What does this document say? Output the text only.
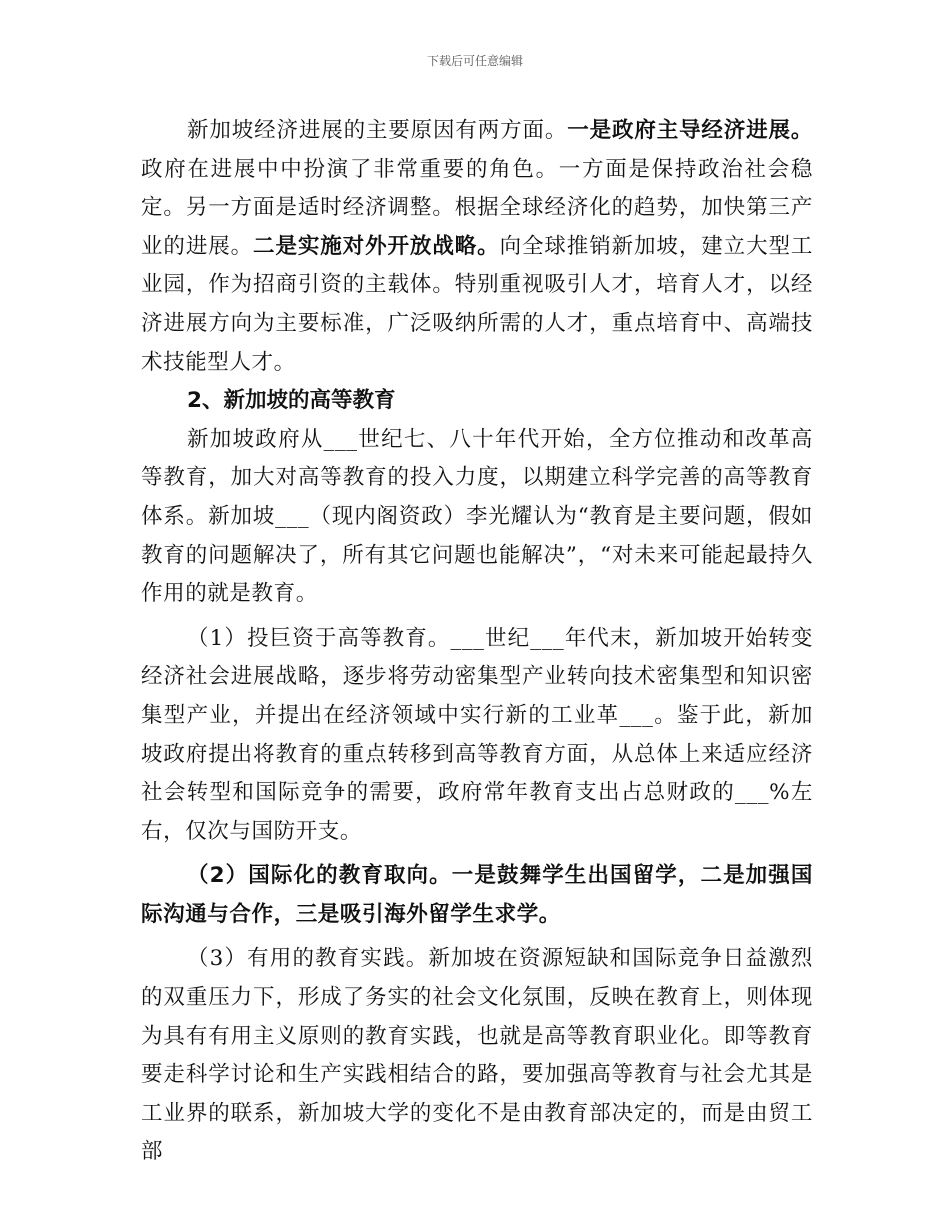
下载后可任意编辑

新加坡经济进展的主要原因有两方面。一是政府主导经济进展。政府在进展中中扮演了非常重要的角色。一方面是保持政治社会稳定。另一方面是适时经济调整。根据全球经济化的趋势，加快第三产业的进展。二是实施对外开放战略。向全球推销新加坡，建立大型工业园，作为招商引资的主载体。特别重视吸引人才，培育人才，以经济进展方向为主要标准，广泛吸纳所需的人才，重点培育中、高端技术技能型人才。

2、新加坡的高等教育

新加坡政府从___世纪七、八十年代开始，全方位推动和改革高等教育，加大对高等教育的投入力度，以期建立科学完善的高等教育体系。新加坡___（现内阁资政）李光耀认为“教育是主要问题，假如教育的问题解决了，所有其它问题也能解决”，“对未来可能起最持久作用的就是教育。

（1）投巨资于高等教育。___世纪___年代末，新加坡开始转变经济社会进展战略，逐步将劳动密集型产业转向技术密集型和知识密集型产业，并提出在经济领域中实行新的工业革___。鉴于此，新加坡政府提出将教育的重点转移到高等教育方面，从总体上来适应经济社会转型和国际竞争的需要，政府常年教育支出占总财政的___%左右，仅次与国防开支。

（2）国际化的教育取向。一是鼓舞学生出国留学，二是加强国际沟通与合作，三是吸引海外留学生求学。

（3）有用的教育实践。新加坡在资源短缺和国际竞争日益激烈的双重压力下，形成了务实的社会文化氛围，反映在教育上，则体现为具有有用主义原则的教育实践，也就是高等教育职业化。即等教育要走科学讨论和生产实践相结合的路，要加强高等教育与社会尤其是工业界的联系，新加坡大学的变化不是由教育部决定的，而是由贸工部
